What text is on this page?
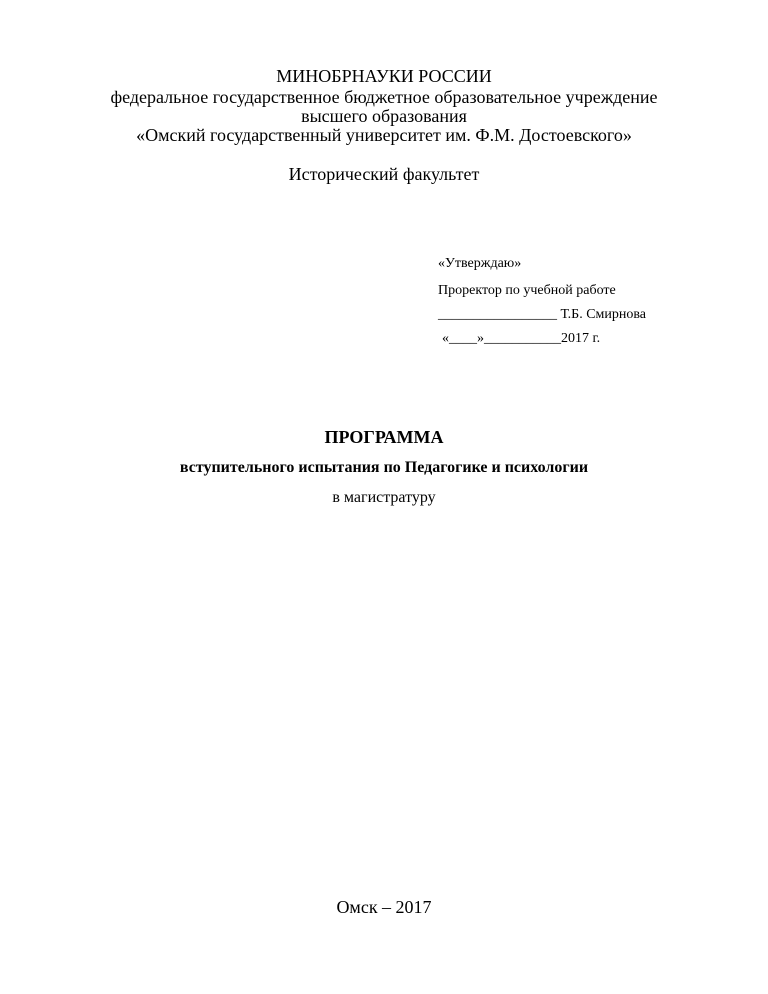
МИНОБРНАУКИ РОССИИ
федеральное государственное бюджетное образовательное учреждение
высшего образования
«Омский государственный университет им. Ф.М. Достоевского»
Исторический факультет
«Утверждаю»
Проректор по учебной работе
_________________ Т.Б. Смирнова
«____»___________2017 г.
ПРОГРАММА
вступительного испытания по Педагогике и психологии
в магистратуру
Омск – 2017
